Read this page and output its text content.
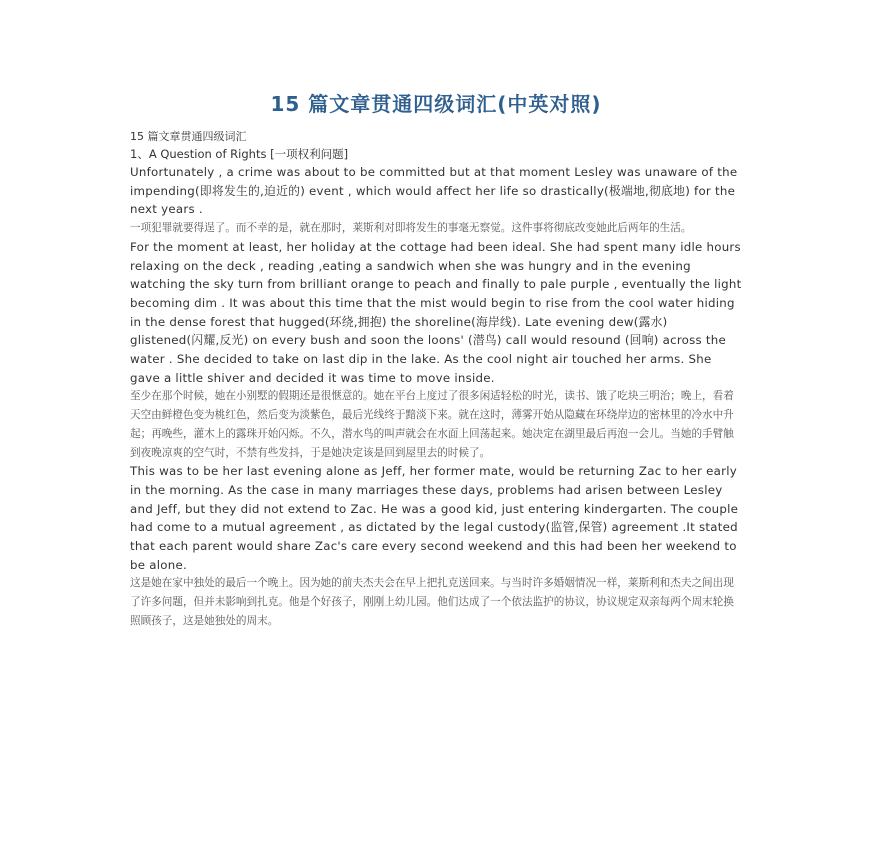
15 篇文章贯通四级词汇(中英对照)

15 篇文章贯通四级词汇

1、A Question of Rights [一项权利问题]

Unfortunately , a crime was about to be committed but at that moment Lesley was unaware of the impending(即将发生的,迫近的) event , which would affect her life so drastically(极端地,彻底地) for the next years .

一项犯罪就要得逞了。而不幸的是，就在那时，莱斯利对即将发生的事毫无察觉。这件事将彻底改变她此后两年的生活。

For the moment at least, her holiday at the cottage had been ideal. She had spent many idle hours relaxing on the deck , reading ,eating a sandwich when she was hungry and in the evening watching the sky turn from brilliant orange to peach and finally to pale purple , eventually the light becoming dim . It was about this time that the mist would begin to rise from the cool water hiding in the dense forest that hugged(环绕,拥抱) the shoreline(海岸线). Late evening dew(露水) glistened(闪耀,反光) on every bush and soon the loons' (潜鸟) call would resound (回响) across the water . She decided to take on last dip in the lake. As the cool night air touched her arms. She gave a little shiver and decided it was time to move inside.

至少在那个时候，她在小别墅的假期还是很惬意的。她在平台上度过了很多闲适轻松的时光，读书、饿了吃块三明治；晚上，看着天空由鲜橙色变为桃红色，然后变为淡紫色，最后光线终于黯淡下来。就在这时，薄雾开始从隐藏在环绕岸边的密林里的冷水中升起；再晚些，灌木上的露珠开始闪烁。不久，潜水鸟的叫声就会在水面上回荡起来。她决定在湖里最后再泡一会儿。当她的手臂触到夜晚凉爽的空气时，不禁有些发抖，于是她决定该是回到屋里去的时候了。

This was to be her last evening alone as Jeff, her former mate, would be returning Zac to her early in the morning. As the case in many marriages these days, problems had arisen between Lesley and Jeff, but they did not extend to Zac. He was a good kid, just entering kindergarten. The couple had come to a mutual agreement , as dictated by the legal custody(监管,保管) agreement .It stated that each parent would share Zac's care every second weekend and this had been her weekend to be alone.

这是她在家中独处的最后一个晚上。因为她的前夫杰夫会在早上把扎克送回来。与当时许多婚姻情况一样，莱斯利和杰夫之间出现了许多问题，但并未影响到扎克。他是个好孩子，刚刚上幼儿园。他们达成了一个依法监护的协议，协议规定双亲每两个周末轮换照顾孩子，这是她独处的周末。
